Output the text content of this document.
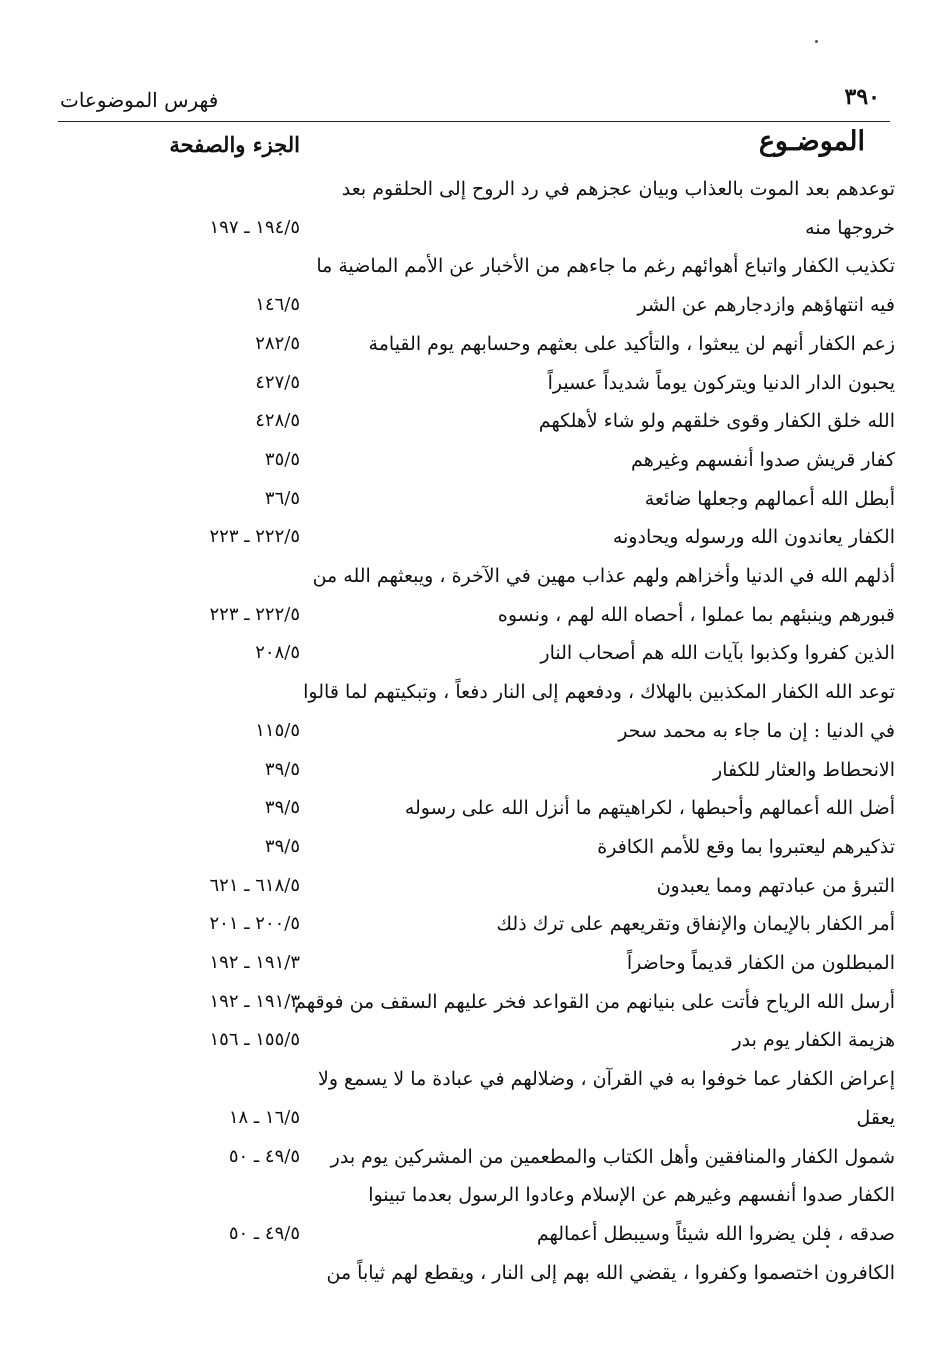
٣٩٠
فهرس الموضوعات
الموضـوع
الجزء والصفحة
توعدهم بعد الموت بالعذاب وبيان عجزهم في رد الروح إلى الحلقوم بعد
خروجها منه
١٩٤/٥ ـ ١٩٧
تكذيب الكفار واتباع أهوائهم رغم ما جاءهم من الأخبار عن الأمم الماضية ما
فيه انتهاؤهم وازدجارهم عن الشر
١٤٦/٥
زعم الكفار أنهم لن يبعثوا ، والتأكيد على بعثهم وحسابهم يوم القيامة
٢٨٢/٥
يحبون الدار الدنيا ويتركون يوماً شديداً عسيراً
٤٢٧/٥
الله خلق الكفار وقوى خلقهم ولو شاء لأهلكهم
٤٢٨/٥
كفار قريش صدوا أنفسهم وغيرهم
٣٥/٥
أبطل الله أعمالهم وجعلها ضائعة
٣٦/٥
الكفار يعاندون الله ورسوله ويحادونه
٢٢٢/٥ ـ ٢٢٣
أذلهم الله في الدنيا وأخزاهم ولهم عذاب مهين في الآخرة ، ويبعثهم الله من
قبورهم وينبئهم بما عملوا ، أحصاه الله لهم ، ونسوه
٢٢٢/٥ ـ ٢٢٣
الذين كفروا وكذبوا بآيات الله هم أصحاب النار
٢٠٨/٥
توعد الله الكفار المكذبين بالهلاك ، ودفعهم إلى النار دفعاً ، وتبكيتهم لما قالوا
في الدنيا : إن ما جاء به محمد سحر
١١٥/٥
الانحطاط والعثار للكفار
٣٩/٥
أضل الله أعمالهم وأحبطها ، لكراهيتهم ما أنزل الله على رسوله
٣٩/٥
تذكيرهم ليعتبروا بما وقع للأمم الكافرة
٣٩/٥
التبرؤ من عبادتهم ومما يعبدون
٦١٨/٥ ـ ٦٢١
أمر الكفار بالإيمان والإنفاق وتقريعهم على ترك ذلك
٢٠٠/٥ ـ ٢٠١
المبطلون من الكفار قديماً وحاضراً
١٩١/٣ ـ ١٩٢
أرسل الله الرياح فأتت على بنيانهم من القواعد فخر عليهم السقف من فوقهم
١٩١/٣ ـ ١٩٢
هزيمة الكفار يوم بدر
١٥٥/٥ ـ ١٥٦
إعراض الكفار عما خوفوا به في القرآن ، وضلالهم في عبادة ما لا يسمع ولا
يعقل
١٦/٥ ـ ١٨
شمول الكفار والمنافقين وأهل الكتاب والمطعمين من المشركين يوم بدر
٤٩/٥ ـ ٥٠
الكفار صدوا أنفسهم وغيرهم عن الإسلام وعادوا الرسول بعدما تبينوا
صدقه ، فلن يضروا الله شيئاً وسيبطل أعمالهم
٤٩/٥ ـ ٥٠
الكافرون اختصموا وكفروا ، يقضي الله بهم إلى النار ، ويقطع لهم ثياباً من
